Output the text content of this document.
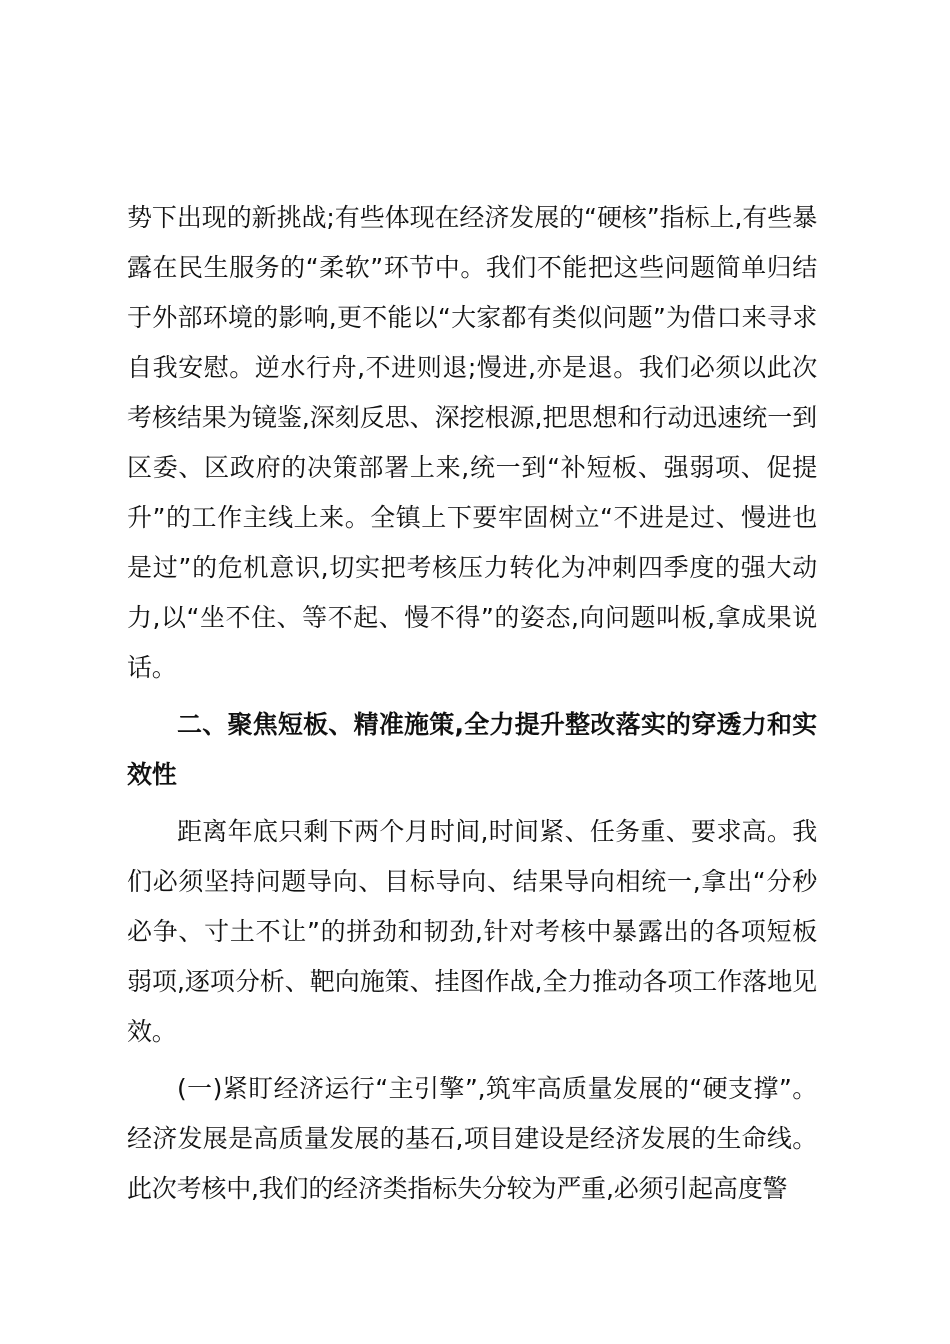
势下出现的新挑战;有些体现在经济发展的“硬核”指标上,有些暴露在民生服务的“柔软”环节中。我们不能把这些问题简单归结于外部环境的影响,更不能以“大家都有类似问题”为借口来寻求自我安慰。逆水行舟,不进则退;慢进,亦是退。我们必须以此次考核结果为镜鉴,深刻反思、深挖根源,把思想和行动迅速统一到区委、区政府的决策部署上来,统一到“补短板、强弱项、促提升”的工作主线上来。全镇上下要牢固树立“不进是过、慢进也是过”的危机意识,切实把考核压力转化为冲刺四季度的强大动力,以“坐不住、等不起、慢不得”的姿态,向问题叫板,拿成果说话。

二、聚焦短板、精准施策,全力提升整改落实的穿透力和实效性

距离年底只剩下两个月时间,时间紧、任务重、要求高。我们必须坚持问题导向、目标导向、结果导向相统一,拿出“分秒必争、寸土不让”的拼劲和韧劲,针对考核中暴露出的各项短板弱项,逐项分析、靶向施策、挂图作战,全力推动各项工作落地见效。

(一)紧盯经济运行“主引擎”,筑牢高质量发展的“硬支撑”。经济发展是高质量发展的基石,项目建设是经济发展的生命线。此次考核中,我们的经济类指标失分较为严重,必须引起高度警
